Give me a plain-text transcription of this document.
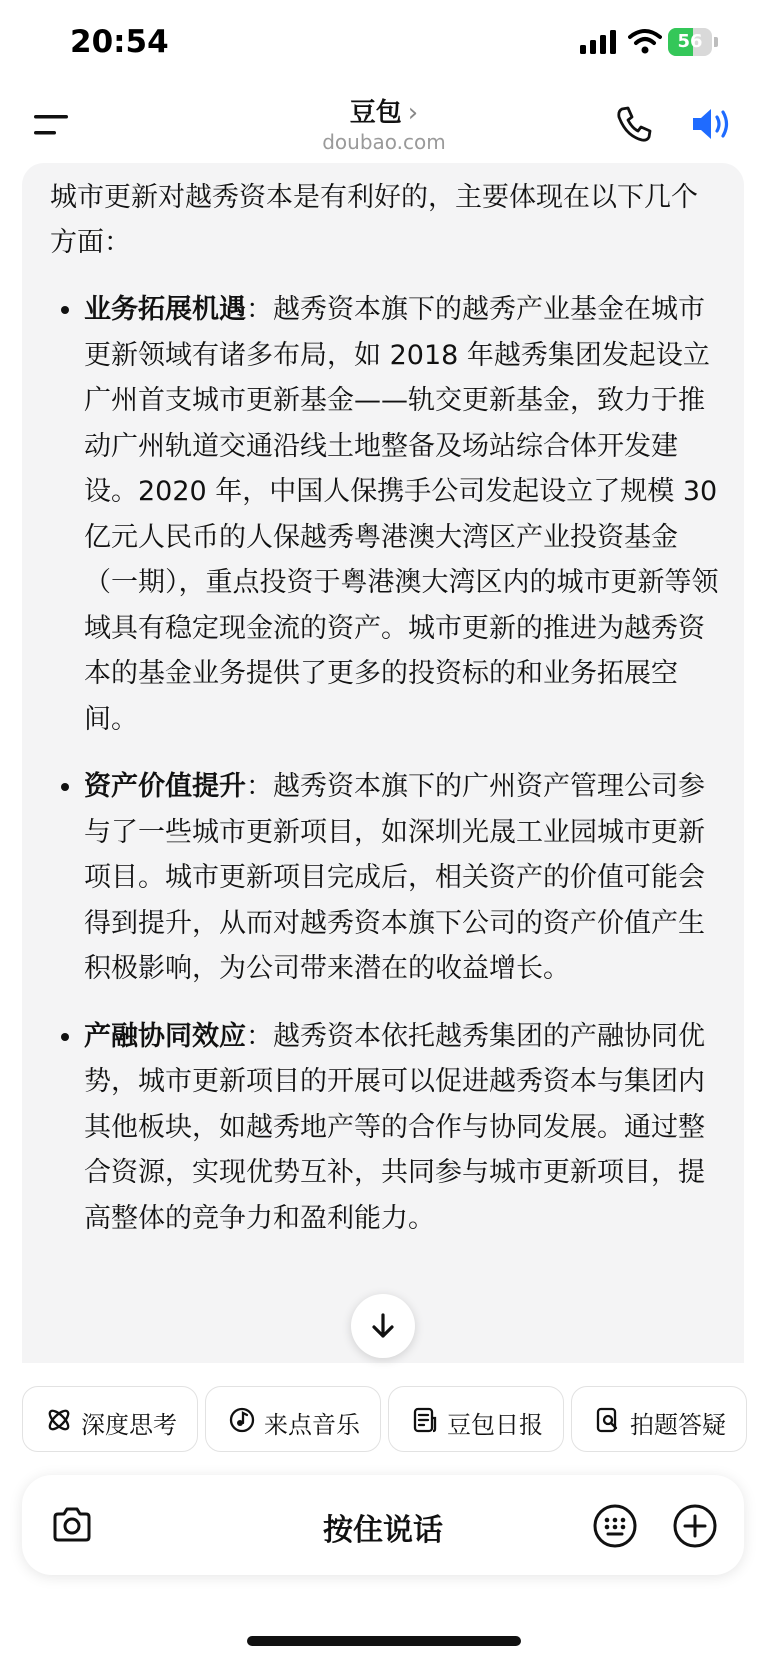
20:54	56
豆包 ›
doubao.com

城市更新对越秀资本是有利好的，主要体现在以下几个方面：

• 业务拓展机遇：越秀资本旗下的越秀产业基金在城市更新领域有诸多布局，如 2018 年越秀集团发起设立广州首支城市更新基金——轨交更新基金，致力于推动广州轨道交通沿线土地整备及场站综合体开发建设。2020 年，中国人保携手公司发起设立了规模 30 亿元人民币的人保越秀粤港澳大湾区产业投资基金（一期），重点投资于粤港澳大湾区内的城市更新等领域具有稳定现金流的资产。城市更新的推进为越秀资本的基金业务提供了更多的投资标的和业务拓展空间。
• 资产价值提升：越秀资本旗下的广州资产管理公司参与了一些城市更新项目，如深圳光晟工业园城市更新项目。城市更新项目完成后，相关资产的价值可能会得到提升，从而对越秀资本旗下公司的资产价值产生积极影响，为公司带来潜在的收益增长。
• 产融协同效应：越秀资本依托越秀集团的产融协同优势，城市更新项目的开展可以促进越秀资本与集团内其他板块，如越秀地产等的合作与协同发展。通过整合资源，实现优势互补，共同参与城市更新项目，提高整体的竞争力和盈利能力。
深度思考	来点音乐	豆包日报	拍题答疑
按住说话
